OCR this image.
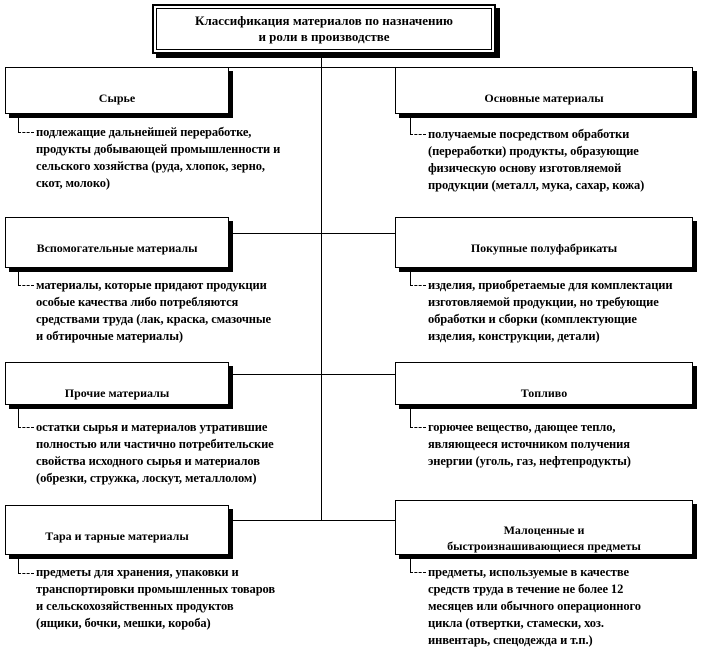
Классификация материалов по назначению
и роли в производстве

Сырье

Вспомогательные материалы

Прочие материалы

Тара и тарные материалы

Основные материалы

Покупные полуфабрикаты

Топливо

Малоценные и
быстроизнашивающиеся предметы

подлежащие дальнейшей переработке,
продукты добывающей промышленности и
сельского хозяйства (руда, хлопок, зерно,
скот, молоко)
материалы, которые придают продукции
особые качества либо потребляются
средствами труда (лак, краска, смазочные
и обтирочные материалы)
остатки сырья и материалов утратившие
полностью или частично потребительские
свойства исходного сырья и материалов
(обрезки, стружка, лоскут, металлолом)
предметы для хранения, упаковки и
транспортировки промышленных товаров
и сельскохозяйственных продуктов
(ящики, бочки, мешки, короба)
получаемые посредством обработки
(переработки) продукты, образующие
физическую основу изготовляемой
продукции (металл, мука, сахар, кожа)
изделия, приобретаемые для комплектации
изготовляемой продукции, но требующие
обработки и сборки (комплектующие
изделия, конструкции, детали)
горючее вещество, дающее тепло,
являющееся источником получения
энергии (уголь, газ, нефтепродукты)
предметы, используемые в качестве
средств труда в течение не более 12
месяцев или обычного операционного
цикла (отвертки, стамески, хоз.
инвентарь, спецодежда и т.п.)
